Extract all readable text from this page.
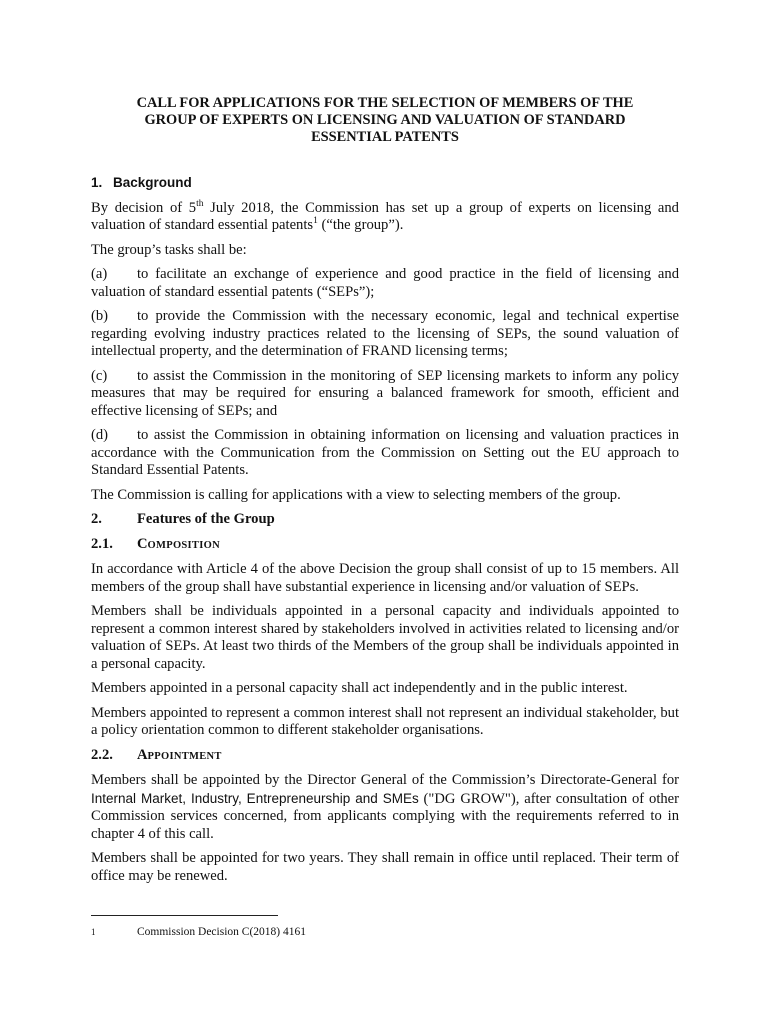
CALL FOR APPLICATIONS FOR THE SELECTION OF MEMBERS OF THE
GROUP OF EXPERTS ON LICENSING AND VALUATION OF STANDARD
ESSENTIAL PATENTS
1. Background

By decision of 5th July 2018, the Commission has set up a group of experts on licensing and valuation of standard essential patents$^1$ (“the group”).

The group’s tasks shall be:

(a) to facilitate an exchange of experience and good practice in the field of licensing and valuation of standard essential patents (“SEPs”);

(b) to provide the Commission with the necessary economic, legal and technical expertise regarding evolving industry practices related to the licensing of SEPs, the sound valuation of intellectual property, and the determination of FRAND licensing terms;

(c) to assist the Commission in the monitoring of SEP licensing markets to inform any policy measures that may be required for ensuring a balanced framework for smooth, efficient and effective licensing of SEPs; and

(d) to assist the Commission in obtaining information on licensing and valuation practices in accordance with the Communication from the Commission on Setting out the EU approach to Standard Essential Patents.

The Commission is calling for applications with a view to selecting members of the group.

2. Features of the Group
2.1. COMPOSITION

In accordance with Article 4 of the above Decision the group shall consist of up to 15 members. All members of the group shall have substantial experience in licensing and/or valuation of SEPs.

Members shall be individuals appointed in a personal capacity and individuals appointed to represent a common interest shared by stakeholders involved in activities related to licensing and/or valuation of SEPs. At least two thirds of the Members of the group shall be individuals appointed in a personal capacity.

Members appointed in a personal capacity shall act independently and in the public interest.

Members appointed to represent a common interest shall not represent an individual stakeholder, but a policy orientation common to different stakeholder organisations.

2.2. APPOINTMENT

Members shall be appointed by the Director General of the Commission’s Directorate-General for Internal Market, Industry, Entrepreneurship and SMEs ("DG GROW"), after consultation of other Commission services concerned, from applicants complying with the requirements referred to in chapter 4 of this call.

Members shall be appointed for two years. They shall remain in office until replaced. Their term of office may be renewed.

1	Commission Decision C(2018) 4161
